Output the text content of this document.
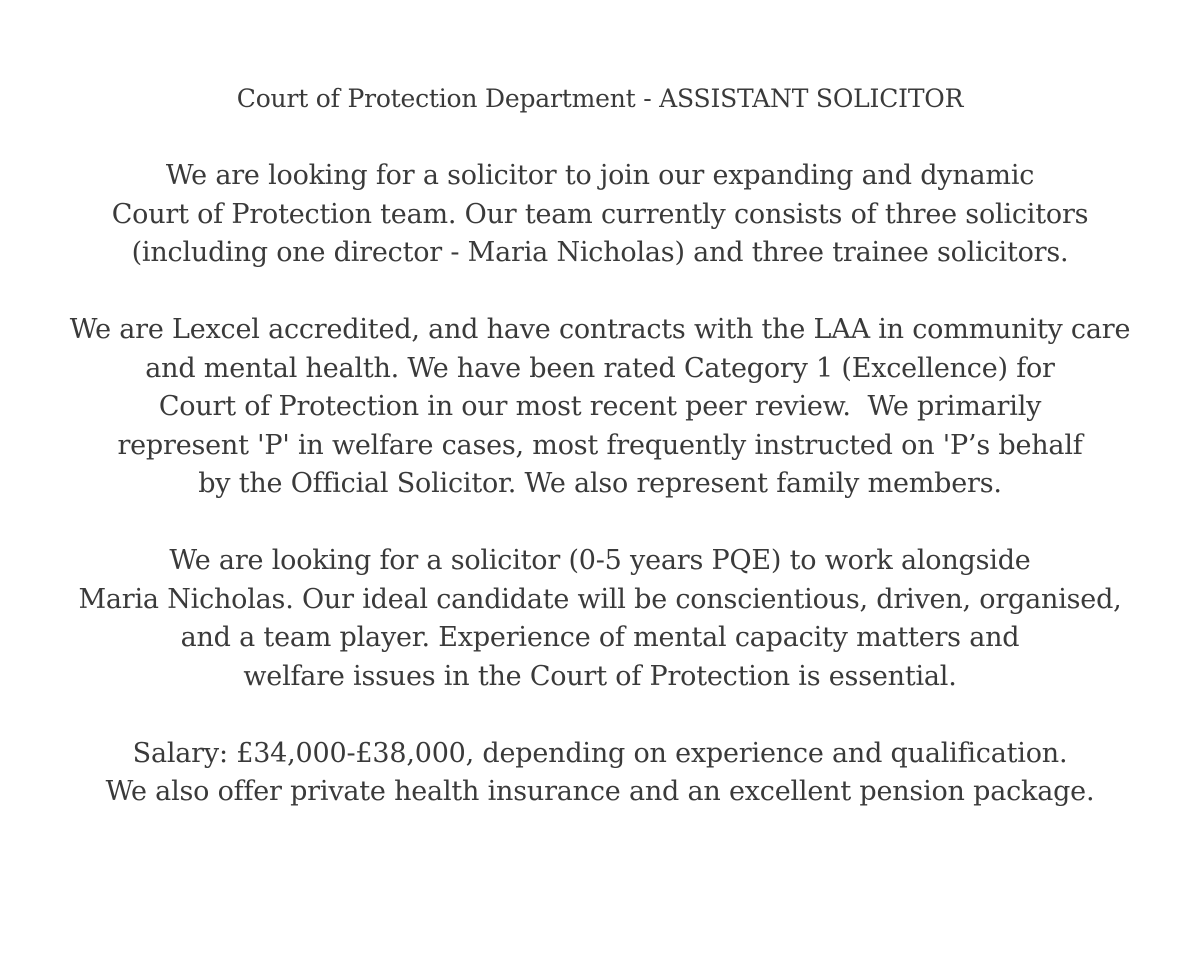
Court of Protection Department - ASSISTANT SOLICITOR
We are looking for a solicitor to join our expanding and dynamic
Court of Protection team. Our team currently consists of three solicitors
(including one director - Maria Nicholas) and three trainee solicitors.
We are Lexcel accredited, and have contracts with the LAA in community care
and mental health. We have been rated Category 1 (Excellence) for
Court of Protection in our most recent peer review.  We primarily
represent 'P' in welfare cases, most frequently instructed on 'P’s behalf
by the Official Solicitor. We also represent family members.
We are looking for a solicitor (0-5 years PQE) to work alongside
Maria Nicholas. Our ideal candidate will be conscientious, driven, organised,
and a team player. Experience of mental capacity matters and
welfare issues in the Court of Protection is essential.
Salary: £34,000-£38,000, depending on experience and qualification.
We also offer private health insurance and an excellent pension package.
